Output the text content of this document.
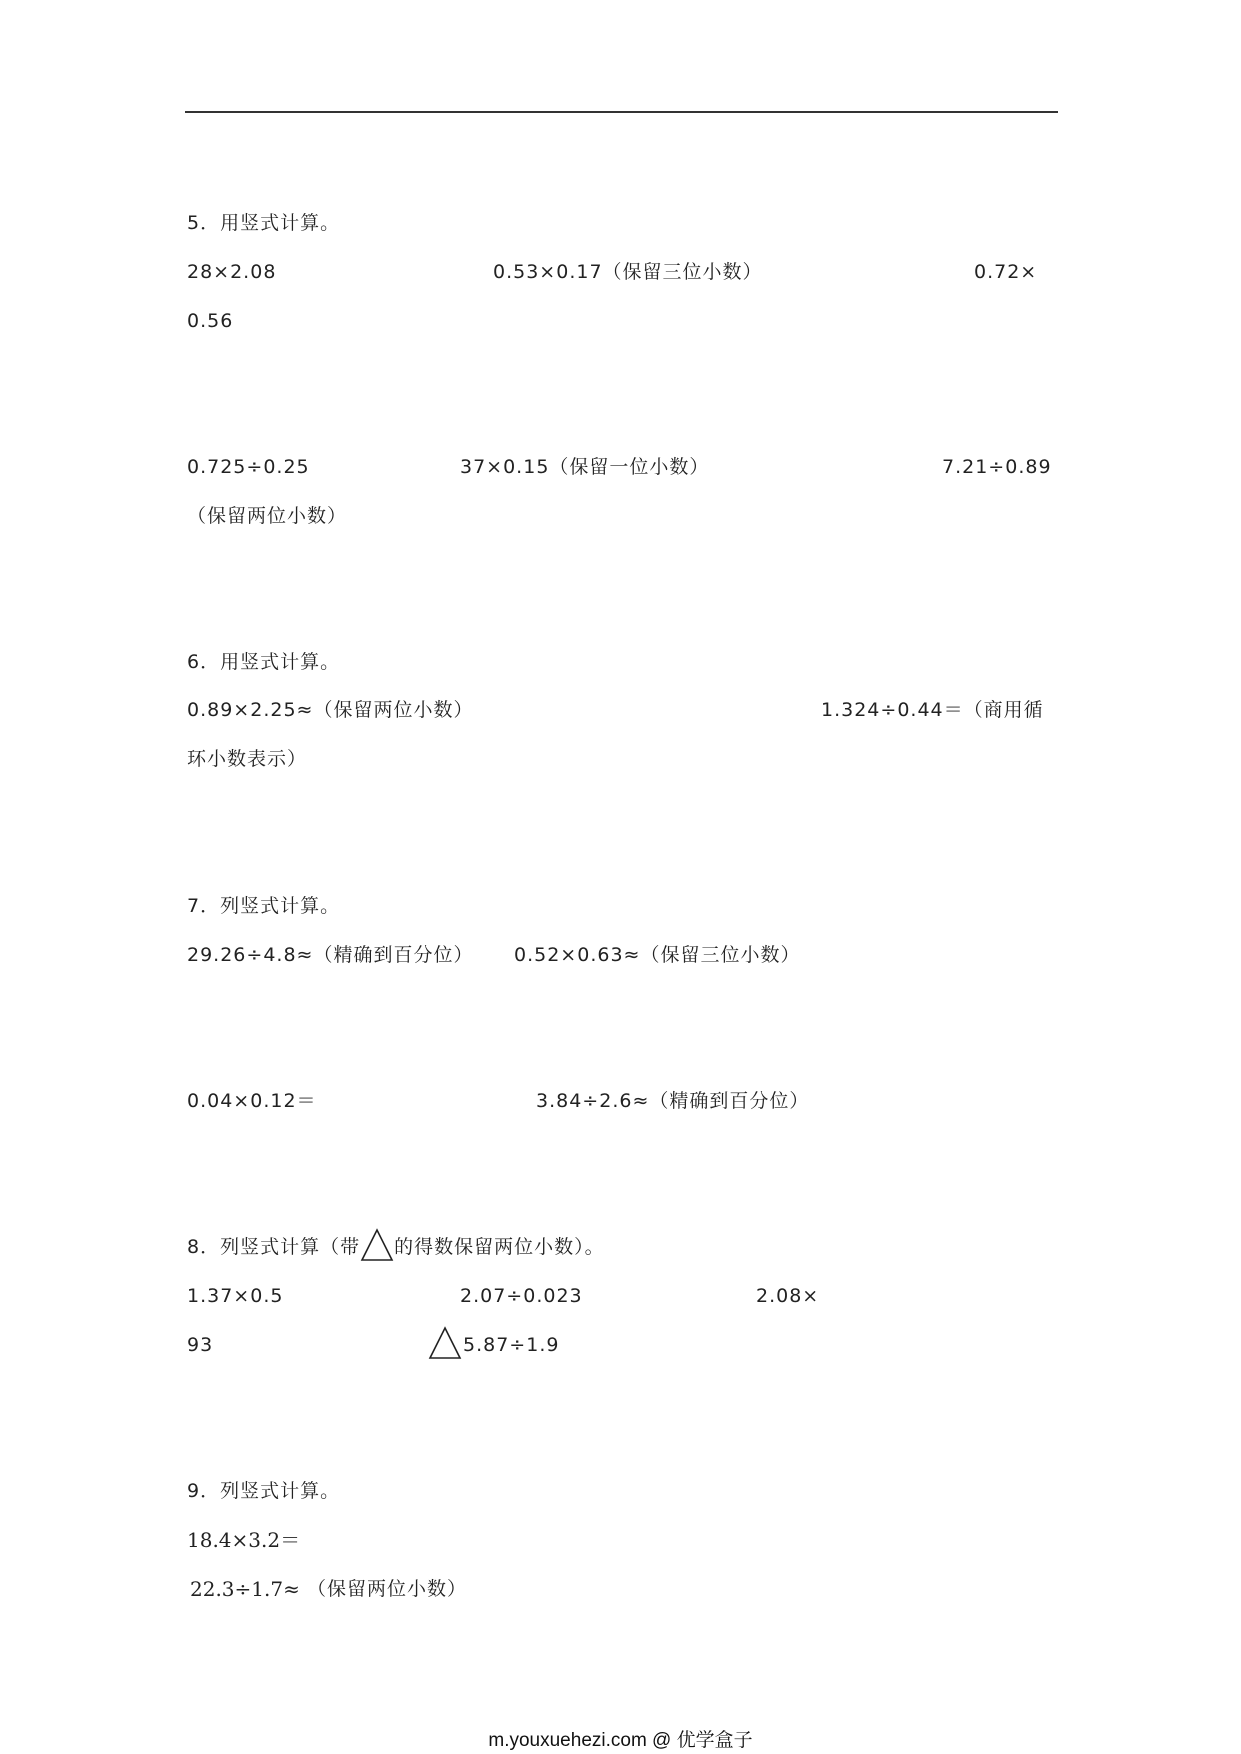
5．用竖式计算。
28×2.08	0.53×0.17（保留三位小数）	0.72×
0.56
0.725÷0.25	37×0.15（保留一位小数）	7.21÷0.89
（保留两位小数）
6．用竖式计算。
0.89×2.25≈（保留两位小数）	1.324÷0.44＝（商用循
环小数表示）
7．列竖式计算。
29.26÷4.8≈（精确到百分位） 0.52×0.63≈（保留三位小数）
0.04×0.12＝	3.84÷2.6≈（精确到百分位）
8．列竖式计算（带 的得数保留两位小数）。
1.37×0.5	2.07÷0.023	2.08×
93	5.87÷1.9
9．列竖式计算。
18.4×3.2＝
22.3÷1.7≈ （保留两位小数）
m.youxuehezi.com @ 优学盒子
